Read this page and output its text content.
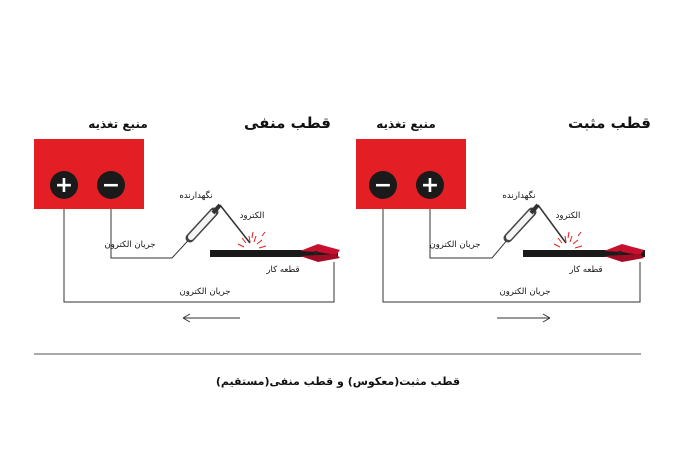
قطب منفی
منبع تغذیه
+ −	نگهدارنده
الکترود
جریان الکترون
قطعه کار
جریان الکترون
قطب مثبت
منبع تغذیه
− +	نگهدارنده
الکترود
جریان الکترون
قطعه کار
جریان الکترون
قطب مثبت(معکوس) و قطب منفی(مستقیم)
